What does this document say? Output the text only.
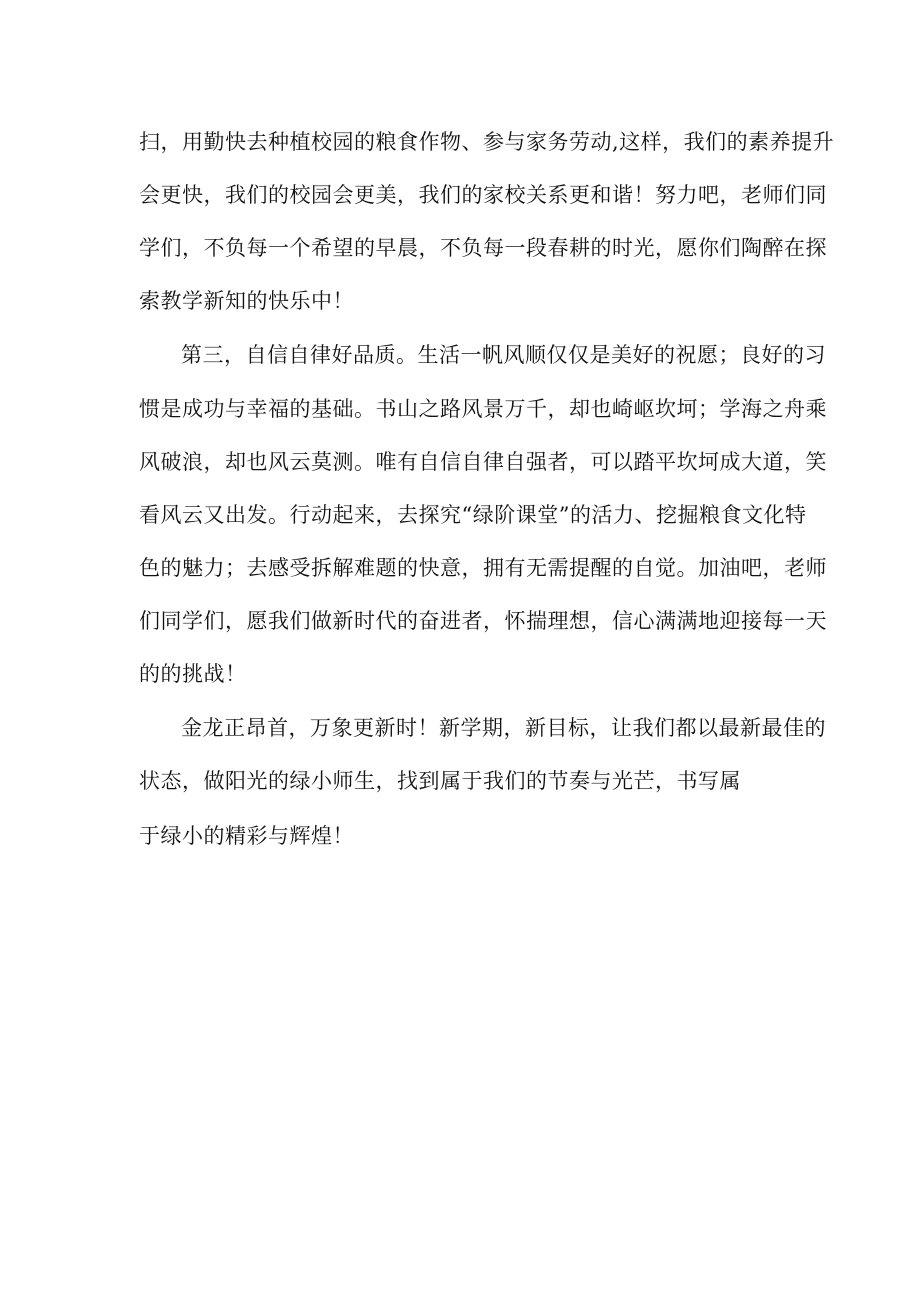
扫，用勤快去种植校园的粮食作物、参与家务劳动,这样，我们的素养提升
会更快，我们的校园会更美，我们的家校关系更和谐！努力吧，老师们同
学们，不负每一个希望的早晨，不负每一段春耕的时光，愿你们陶醉在探
索教学新知的快乐中！
第三，自信自律好品质。生活一帆风顺仅仅是美好的祝愿；良好的习
惯是成功与幸福的基础。书山之路风景万千，却也崎岖坎坷；学海之舟乘
风破浪，却也风云莫测。唯有自信自律自强者，可以踏平坎坷成大道，笑
看风云又出发。行动起来，去探究“绿阶课堂”的活力、挖掘粮食文化特
色的魅力；去感受拆解难题的快意，拥有无需提醒的自觉。加油吧，老师
们同学们，愿我们做新时代的奋进者，怀揣理想，信心满满地迎接每一天
的的挑战！
金龙正昂首，万象更新时！新学期，新目标，让我们都以最新最佳的
状态，做阳光的绿小师生，找到属于我们的节奏与光芒，书写属
于绿小的精彩与辉煌！
